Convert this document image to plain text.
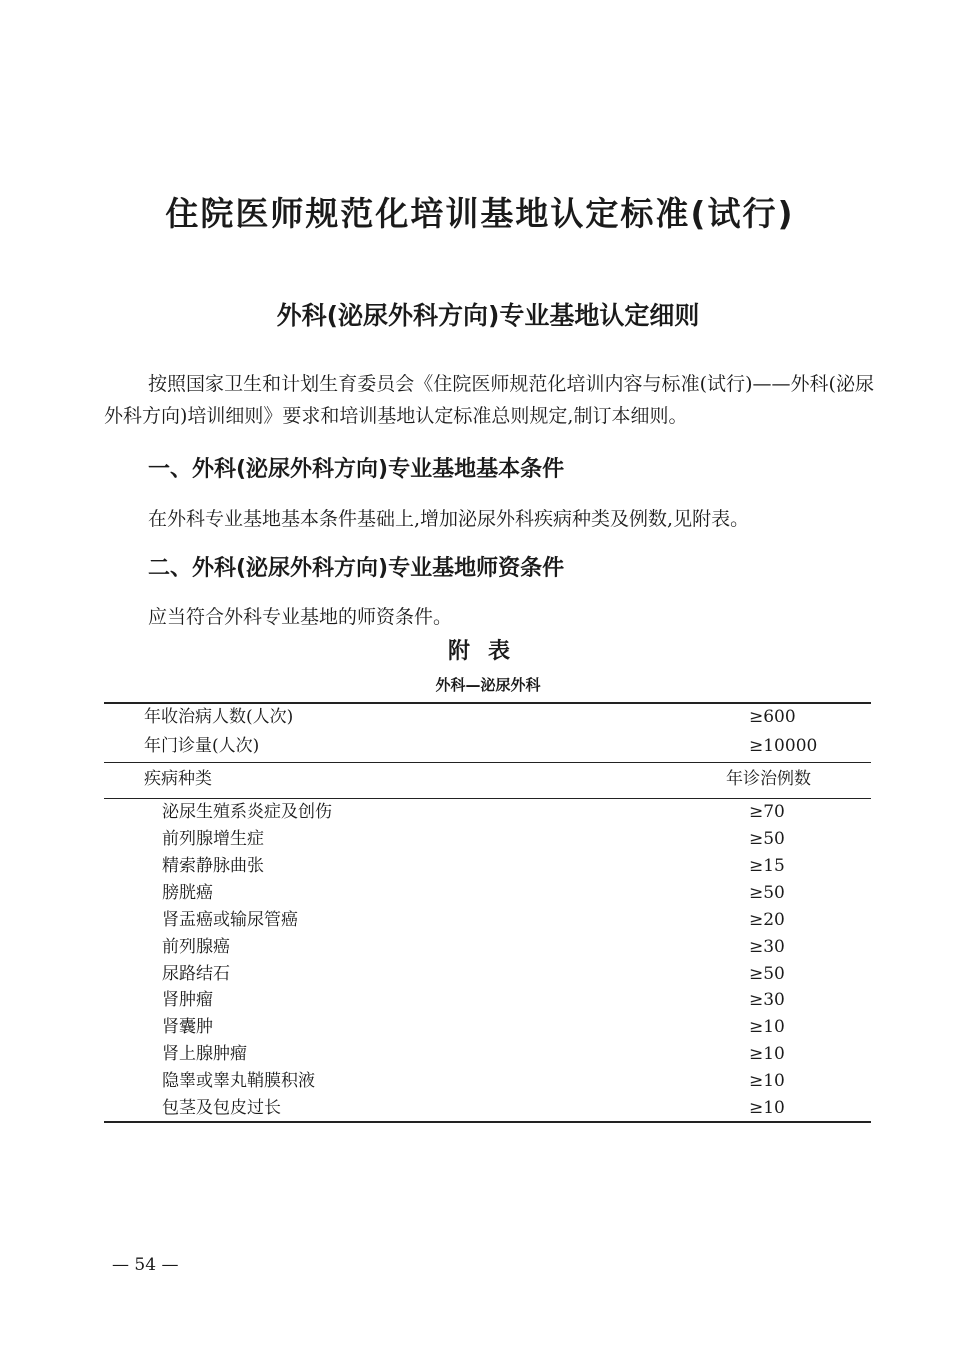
住院医师规范化培训基地认定标准(试行)
外科(泌尿外科方向)专业基地认定细则
按照国家卫生和计划生育委员会《住院医师规范化培训内容与标准(试行)——外科(泌尿外科方向)培训细则》要求和培训基地认定标准总则规定,制订本细则。
一、外科(泌尿外科方向)专业基地基本条件
在外科专业基地基本条件基础上,增加泌尿外科疾病种类及例数,见附表。
二、外科(泌尿外科方向)专业基地师资条件
应当符合外科专业基地的师资条件。
附表
外科—泌尿外科
年收治病人数(人次)	≥600
年门诊量(人次)	≥10000
疾病种类	年诊治例数
泌尿生殖系炎症及创伤	≥70
前列腺增生症	≥50
精索静脉曲张	≥15
膀胱癌	≥50
肾盂癌或输尿管癌	≥20
前列腺癌	≥30
尿路结石	≥50
肾肿瘤	≥30
肾囊肿	≥10
肾上腺肿瘤	≥10
隐睾或睾丸鞘膜积液	≥10
包茎及包皮过长	≥10
— 54 —
